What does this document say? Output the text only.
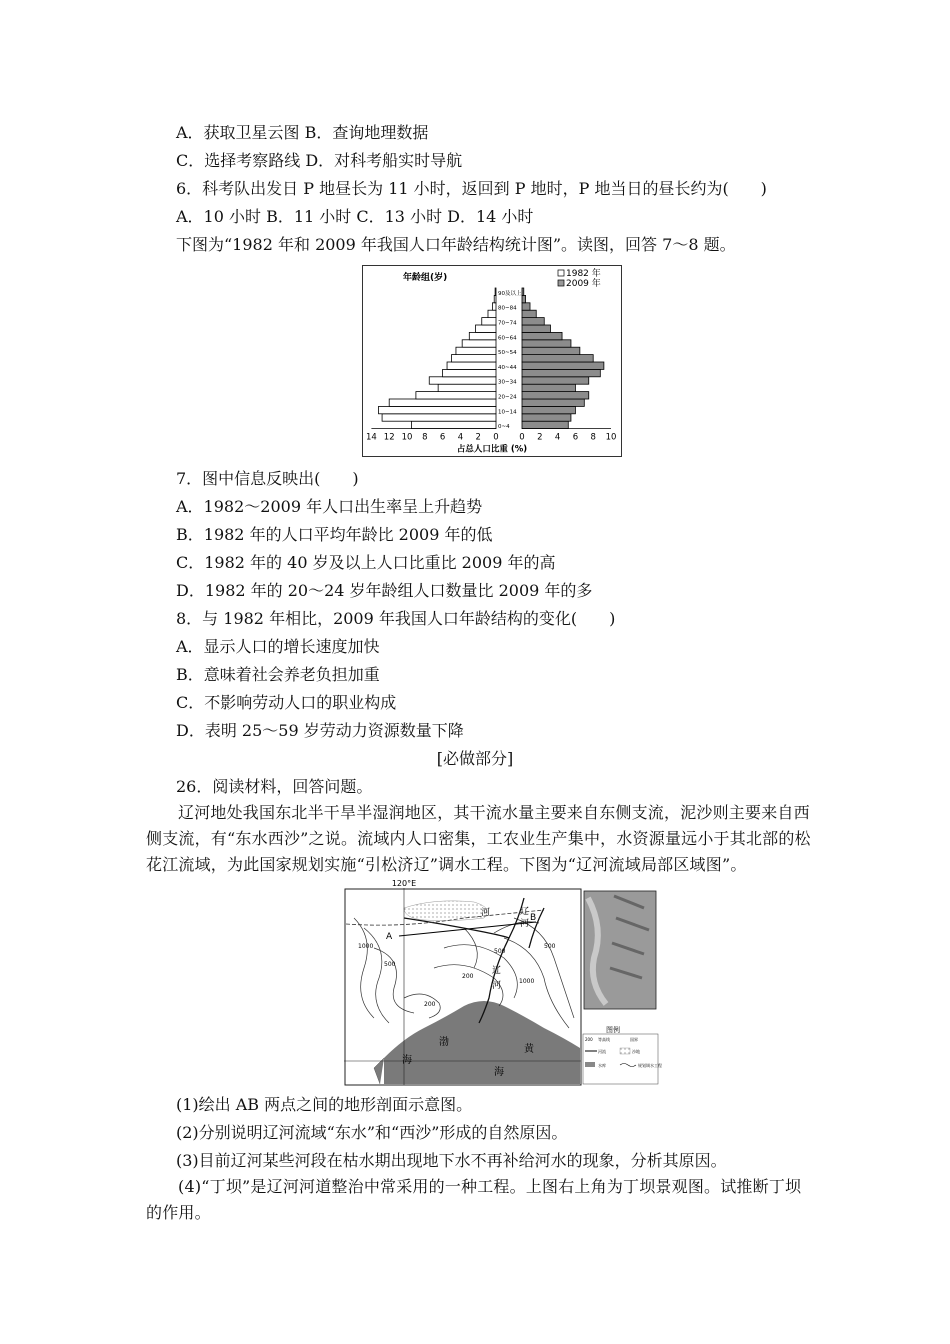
A．获取卫星云图 B．查询地理数据
C．选择考察路线 D．对科考船实时导航
6．科考队出发日 P 地昼长为 11 小时，返回到 P 地时，P 地当日的昼长约为(　　)
A．10 小时 B．11 小时 C．13 小时 D．14 小时
下图为“1982 年和 2009 年我国人口年龄结构统计图”。读图，回答 7～8 题。
年龄组(岁)	1982 年
2009 年
0~4
10~14
20~24
30~34
40~44
50~54
60~64
70~74
80~84
90及以上
14 12 10 8 6 4 2 0 0 2 4 6 8 10
占总人口比重 (%)
7．图中信息反映出(　　)
A．1982～2009 年人口出生率呈上升趋势
B．1982 年的人口平均年龄比 2009 年的低
C．1982 年的 40 岁及以上人口比重比 2009 年的高
D．1982 年的 20～24 岁年龄组人口数量比 2009 年的多
8．与 1982 年相比，2009 年我国人口年龄结构的变化(　　)
A．显示人口的增长速度加快
B．意味着社会养老负担加重
C．不影响劳动人口的职业构成
D．表明 25～59 岁劳动力资源数量下降
[必做部分]
26．阅读材料，回答问题。
辽河地处我国东北半干旱半湿润地区，其干流水量主要来自东侧支流，泥沙则主要来自西侧支流，有“东水西沙”之说。流域内人口密集，工农业生产集中，水资源量远小于其北部的松花江流域，为此国家规划实施“引松济辽”调水工程。下图为“辽河流域局部区域图”。
120°E
A
B
1000
500
500
200
1000
500
200
河	辽
河
辽
河
渤
海
黄
海
图例
200 等高线	国界
河流	沙地
水库	规划调水工程
(1)绘出 AB 两点之间的地形剖面示意图。
(2)分别说明辽河流域“东水”和“西沙”形成的自然原因。
(3)目前辽河某些河段在枯水期出现地下水不再补给河水的现象，分析其原因。
(4)“丁坝”是辽河河道整治中常采用的一种工程。上图右上角为丁坝景观图。试推断丁坝的作用。
